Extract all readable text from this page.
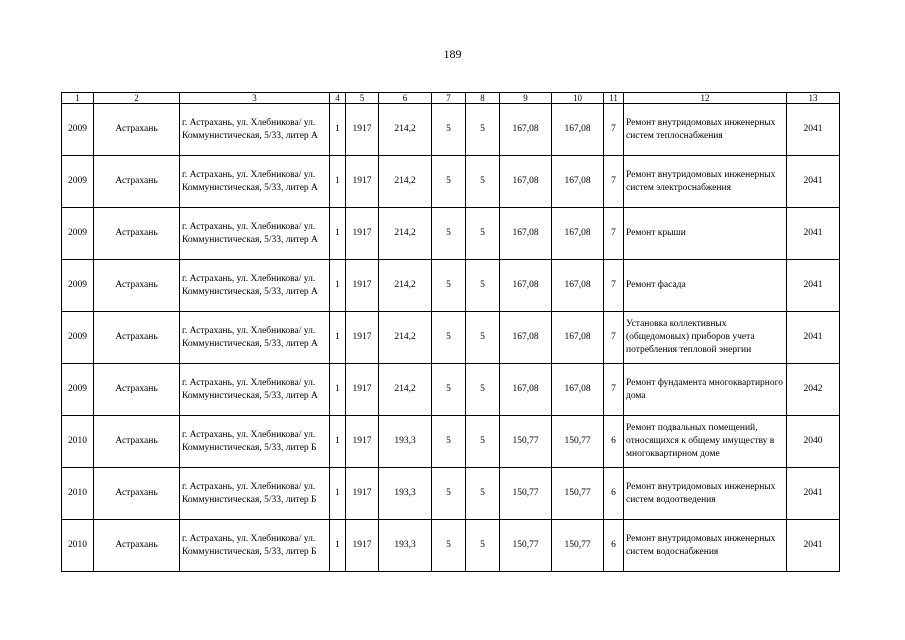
189
1	2	3	4	5	6	7	8	9	10	11	12	13
2009	Астрахань	г. Астрахань, ул. Хлебникова/ ул. Коммунистическая, 5/33, литер А	1	1917	214,2	5	5	167,08	167,08	7	Ремонт внутридомовых инженерных систем теплоснабжения	2041
2009	Астрахань	г. Астрахань, ул. Хлебникова/ ул. Коммунистическая, 5/33, литер А	1	1917	214,2	5	5	167,08	167,08	7	Ремонт внутридомовых инженерных систем электроснабжения	2041
2009	Астрахань	г. Астрахань, ул. Хлебникова/ ул. Коммунистическая, 5/33, литер А	1	1917	214,2	5	5	167,08	167,08	7	Ремонт крыши	2041
2009	Астрахань	г. Астрахань, ул. Хлебникова/ ул. Коммунистическая, 5/33, литер А	1	1917	214,2	5	5	167,08	167,08	7	Ремонт фасада	2041
2009	Астрахань	г. Астрахань, ул. Хлебникова/ ул. Коммунистическая, 5/33, литер А	1	1917	214,2	5	5	167,08	167,08	7	Установка коллективных (общедомовых) приборов учета потребления тепловой энергии	2041
2009	Астрахань	г. Астрахань, ул. Хлебникова/ ул. Коммунистическая, 5/33, литер А	1	1917	214,2	5	5	167,08	167,08	7	Ремонт фундамента многоквартирного дома	2042
2010	Астрахань	г. Астрахань, ул. Хлебникова/ ул. Коммунистическая, 5/33, литер Б	1	1917	193,3	5	5	150,77	150,77	6	Ремонт подвальных помещений, относящихся к общему имуществу в многоквартирном доме	2040
2010	Астрахань	г. Астрахань, ул. Хлебникова/ ул. Коммунистическая, 5/33, литер Б	1	1917	193,3	5	5	150,77	150,77	6	Ремонт внутридомовых инженерных систем водоотведения	2041
2010	Астрахань	г. Астрахань, ул. Хлебникова/ ул. Коммунистическая, 5/33, литер Б	1	1917	193,3	5	5	150,77	150,77	6	Ремонт внутридомовых инженерных систем водоснабжения	2041
